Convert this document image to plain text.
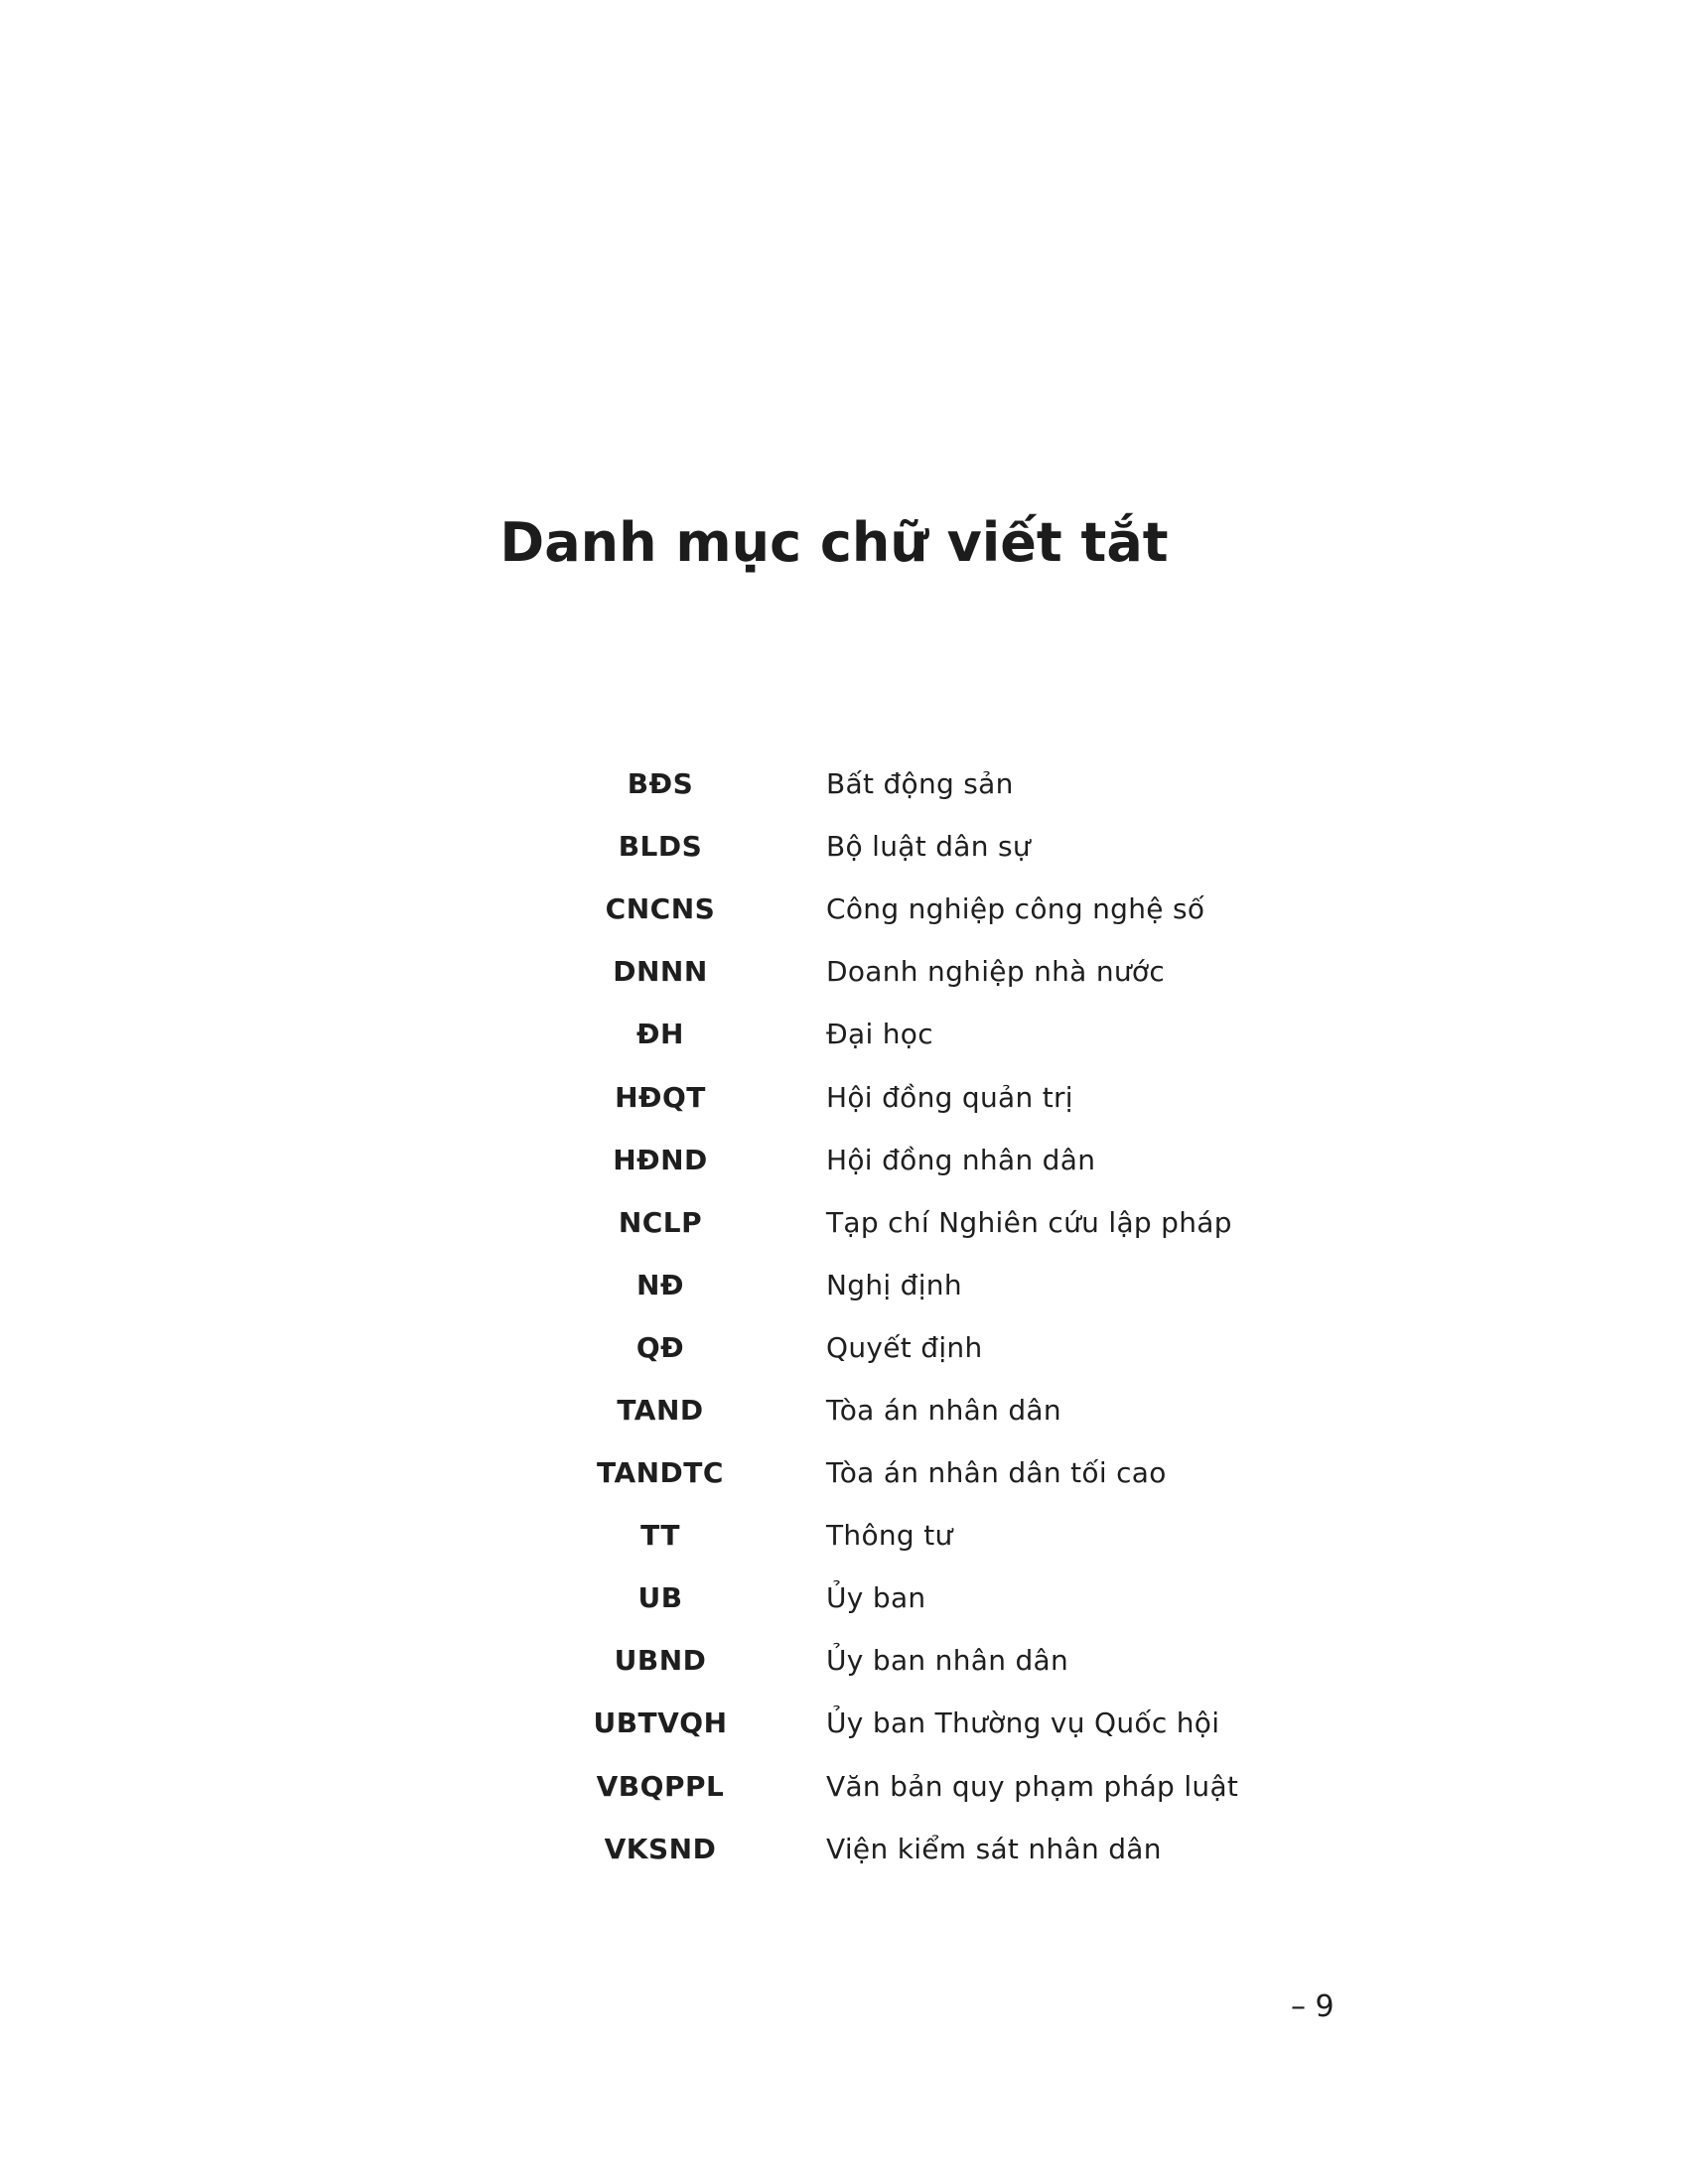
Danh mục chữ viết tắt
BĐS	Bất động sản
BLDS	Bộ luật dân sự
CNCNS	Công nghiệp công nghệ số
DNNN	Doanh nghiệp nhà nước
ĐH	Đại học
HĐQT	Hội đồng quản trị
HĐND	Hội đồng nhân dân
NCLP	Tạp chí Nghiên cứu lập pháp
NĐ	Nghị định
QĐ	Quyết định
TAND	Tòa án nhân dân
TANDTC	Tòa án nhân dân tối cao
TT	Thông tư
UB	Ủy ban
UBND	Ủy ban nhân dân
UBTVQH	Ủy ban Thường vụ Quốc hội
VBQPPL	Văn bản quy phạm pháp luật
VKSND	Viện kiểm sát nhân dân
– 9
